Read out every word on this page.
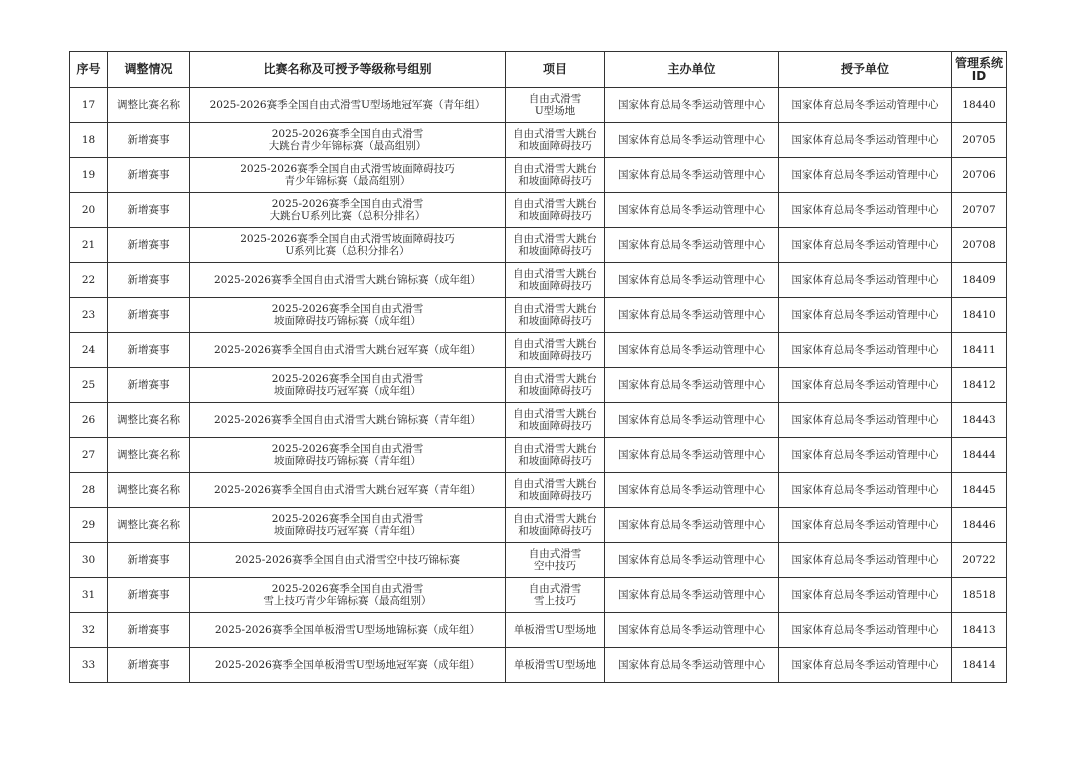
序号	调整情况	比赛名称及可授予等级称号组别	项目	主办单位	授予单位	管理系统
ID
17	调整比赛名称	2025-2026赛季全国自由式滑雪U型场地冠军赛（青年组）	自由式滑雪
U型场地	国家体育总局冬季运动管理中心	国家体育总局冬季运动管理中心	18440
18	新增赛事	2025-2026赛季全国自由式滑雪
大跳台青少年锦标赛（最高组别）	自由式滑雪大跳台
和坡面障碍技巧	国家体育总局冬季运动管理中心	国家体育总局冬季运动管理中心	20705
19	新增赛事	2025-2026赛季全国自由式滑雪坡面障碍技巧
青少年锦标赛（最高组别）	自由式滑雪大跳台
和坡面障碍技巧	国家体育总局冬季运动管理中心	国家体育总局冬季运动管理中心	20706
20	新增赛事	2025-2026赛季全国自由式滑雪
大跳台U系列比赛（总积分排名）	自由式滑雪大跳台
和坡面障碍技巧	国家体育总局冬季运动管理中心	国家体育总局冬季运动管理中心	20707
21	新增赛事	2025-2026赛季全国自由式滑雪坡面障碍技巧
U系列比赛（总积分排名）	自由式滑雪大跳台
和坡面障碍技巧	国家体育总局冬季运动管理中心	国家体育总局冬季运动管理中心	20708
22	新增赛事	2025-2026赛季全国自由式滑雪大跳台锦标赛（成年组）	自由式滑雪大跳台
和坡面障碍技巧	国家体育总局冬季运动管理中心	国家体育总局冬季运动管理中心	18409
23	新增赛事	2025-2026赛季全国自由式滑雪
坡面障碍技巧锦标赛（成年组）	自由式滑雪大跳台
和坡面障碍技巧	国家体育总局冬季运动管理中心	国家体育总局冬季运动管理中心	18410
24	新增赛事	2025-2026赛季全国自由式滑雪大跳台冠军赛（成年组）	自由式滑雪大跳台
和坡面障碍技巧	国家体育总局冬季运动管理中心	国家体育总局冬季运动管理中心	18411
25	新增赛事	2025-2026赛季全国自由式滑雪
坡面障碍技巧冠军赛（成年组）	自由式滑雪大跳台
和坡面障碍技巧	国家体育总局冬季运动管理中心	国家体育总局冬季运动管理中心	18412
26	调整比赛名称	2025-2026赛季全国自由式滑雪大跳台锦标赛（青年组）	自由式滑雪大跳台
和坡面障碍技巧	国家体育总局冬季运动管理中心	国家体育总局冬季运动管理中心	18443
27	调整比赛名称	2025-2026赛季全国自由式滑雪
坡面障碍技巧锦标赛（青年组）	自由式滑雪大跳台
和坡面障碍技巧	国家体育总局冬季运动管理中心	国家体育总局冬季运动管理中心	18444
28	调整比赛名称	2025-2026赛季全国自由式滑雪大跳台冠军赛（青年组）	自由式滑雪大跳台
和坡面障碍技巧	国家体育总局冬季运动管理中心	国家体育总局冬季运动管理中心	18445
29	调整比赛名称	2025-2026赛季全国自由式滑雪
坡面障碍技巧冠军赛（青年组）	自由式滑雪大跳台
和坡面障碍技巧	国家体育总局冬季运动管理中心	国家体育总局冬季运动管理中心	18446
30	新增赛事	2025-2026赛季全国自由式滑雪空中技巧锦标赛	自由式滑雪
空中技巧	国家体育总局冬季运动管理中心	国家体育总局冬季运动管理中心	20722
31	新增赛事	2025-2026赛季全国自由式滑雪
雪上技巧青少年锦标赛（最高组别）	自由式滑雪
雪上技巧	国家体育总局冬季运动管理中心	国家体育总局冬季运动管理中心	18518
32	新增赛事	2025-2026赛季全国单板滑雪U型场地锦标赛（成年组）	单板滑雪U型场地	国家体育总局冬季运动管理中心	国家体育总局冬季运动管理中心	18413
33	新增赛事	2025-2026赛季全国单板滑雪U型场地冠军赛（成年组）	单板滑雪U型场地	国家体育总局冬季运动管理中心	国家体育总局冬季运动管理中心	18414
